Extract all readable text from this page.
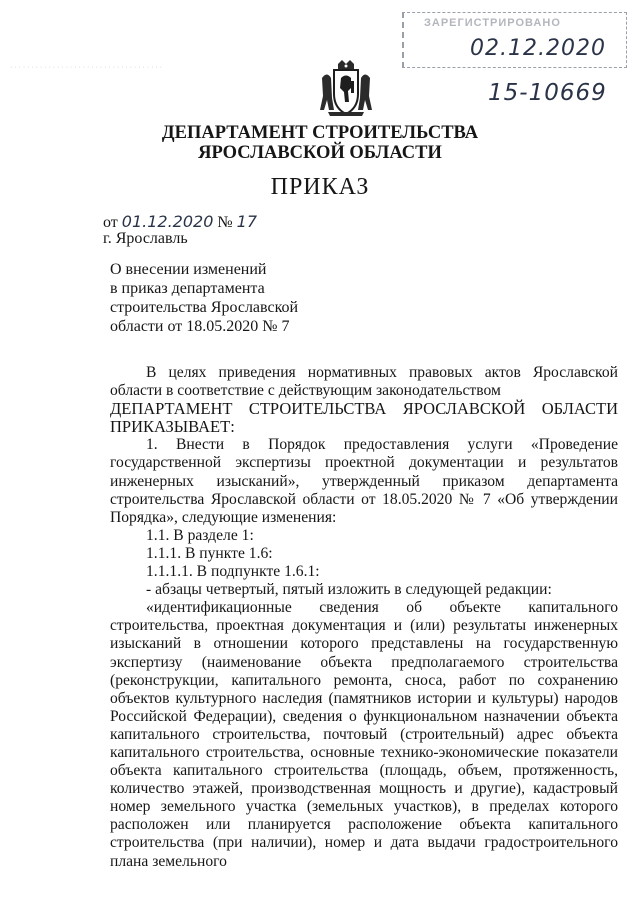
ЗАРЕГИСТРИРОВАНО
· · · · · · · · · · · · · · · · · · · · · · · · · · · · · · · · · · · ·
02.12.2020
15-10669
ДЕПАРТАМЕНТ СТРОИТЕЛЬСТВА
ЯРОСЛАВСКОЙ ОБЛАСТИ
ПРИКАЗ
от 01.12.2020 № 17
г. Ярославль
О внесении изменений
в приказ департамента
строительства Ярославской
области от 18.05.2020 № 7

В целях приведения нормативных правовых актов Ярославской области в соответствие с действующим законодательством

ДЕПАРТАМЕНТ СТРОИТЕЛЬСТВА ЯРОСЛАВСКОЙ ОБЛАСТИ ПРИКАЗЫВАЕТ:

1. Внести в Порядок предоставления услуги «Проведение государственной экспертизы проектной документации и результатов инженерных изысканий», утвержденный приказом департамента строительства Ярославской области от 18.05.2020 № 7 «Об утверждении Порядка», следующие изменения:

1.1. В разделе 1:

1.1.1. В пункте 1.6:

1.1.1.1. В подпункте 1.6.1:

- абзацы четвертый, пятый изложить в следующей редакции:

«идентификационные сведения об объекте капитального строительства, проектная документация и (или) результаты инженерных изысканий в отношении которого представлены на государственную экспертизу (наименование объекта предполагаемого строительства (реконструкции, капитального ремонта, сноса, работ по сохранению объектов культурного наследия (памятников истории и культуры) народов Российской Федерации), сведения о функциональном назначении объекта капитального строительства, почтовый (строительный) адрес объекта капитального строительства, основные технико-экономические показатели объекта капитального строительства (площадь, объем, протяженность, количество этажей, производственная мощность и другие), кадастровый номер земельного участка (земельных участков), в пределах которого расположен или планируется расположение объекта капитального строительства (при наличии), номер и дата выдачи градостроительного плана земельного
